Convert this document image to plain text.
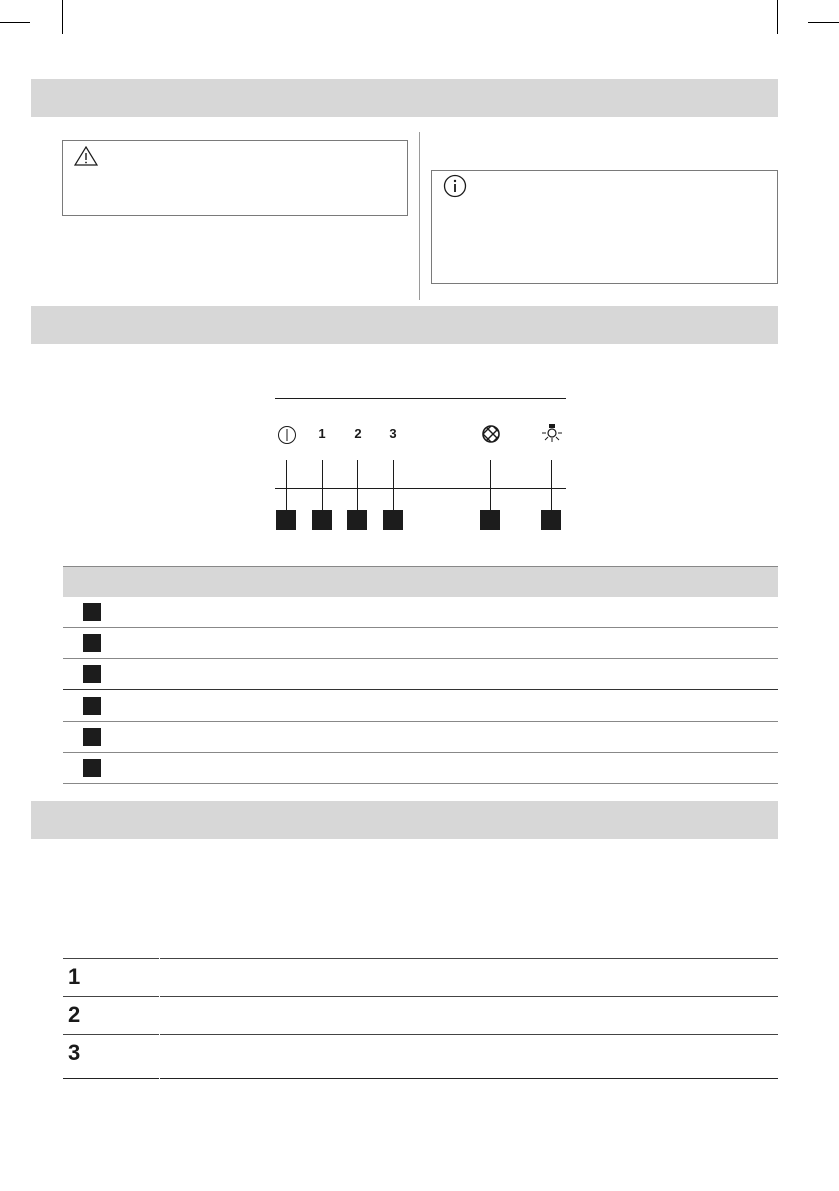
1 2 3
1
2
3
